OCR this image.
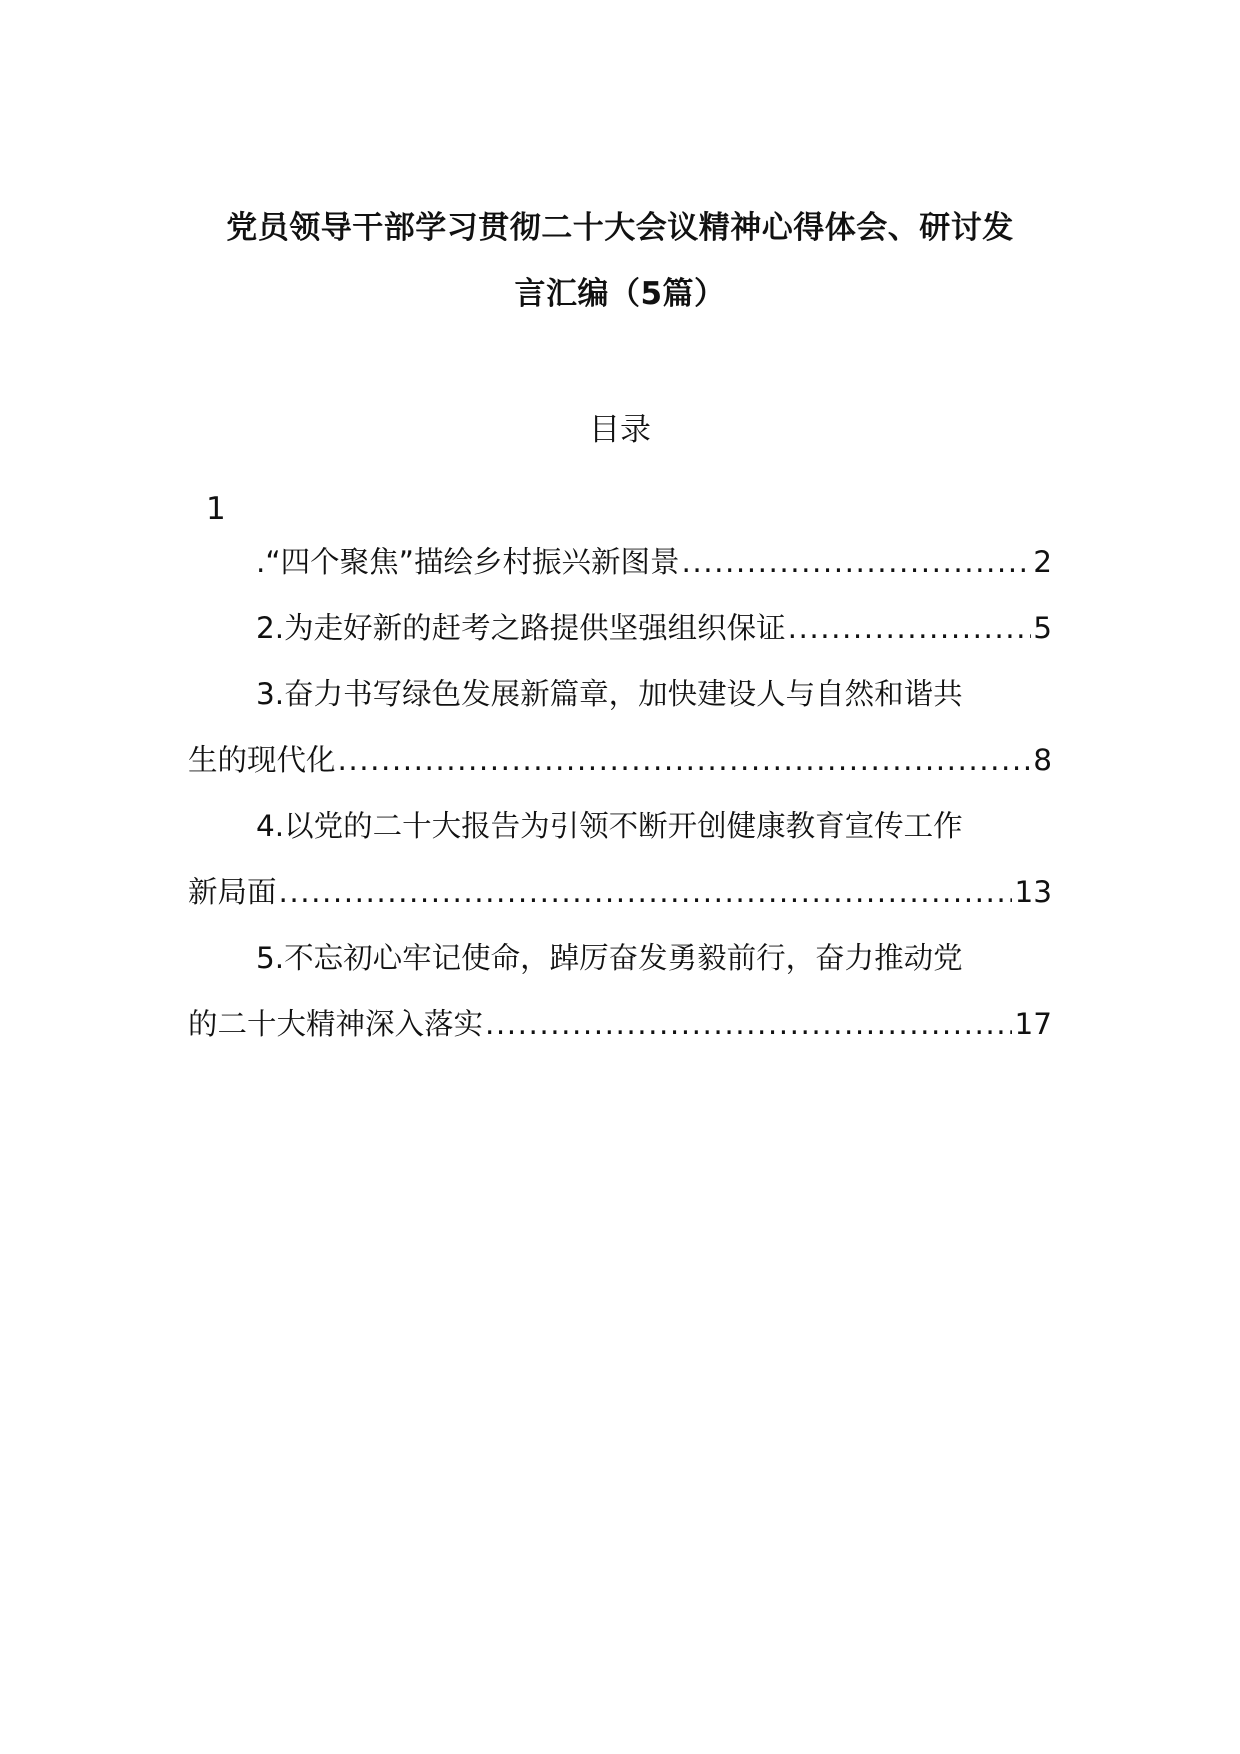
党员领导干部学习贯彻二十大会议精神心得体会、研讨发
言汇编（5篇）
目录
1
.“四个聚焦”描绘乡村振兴新图景 .....	2
2.为走好新的赶考之路提供坚强组织保证 .....	5
3.奋力书写绿色发展新篇章，加快建设人与自然和谐共
生的现代化 .....	8
4.以党的二十大报告为引领不断开创健康教育宣传工作
新局面 .....	13
5.不忘初心牢记使命，踔厉奋发勇毅前行，奋力推动党
的二十大精神深入落实 .....	17
